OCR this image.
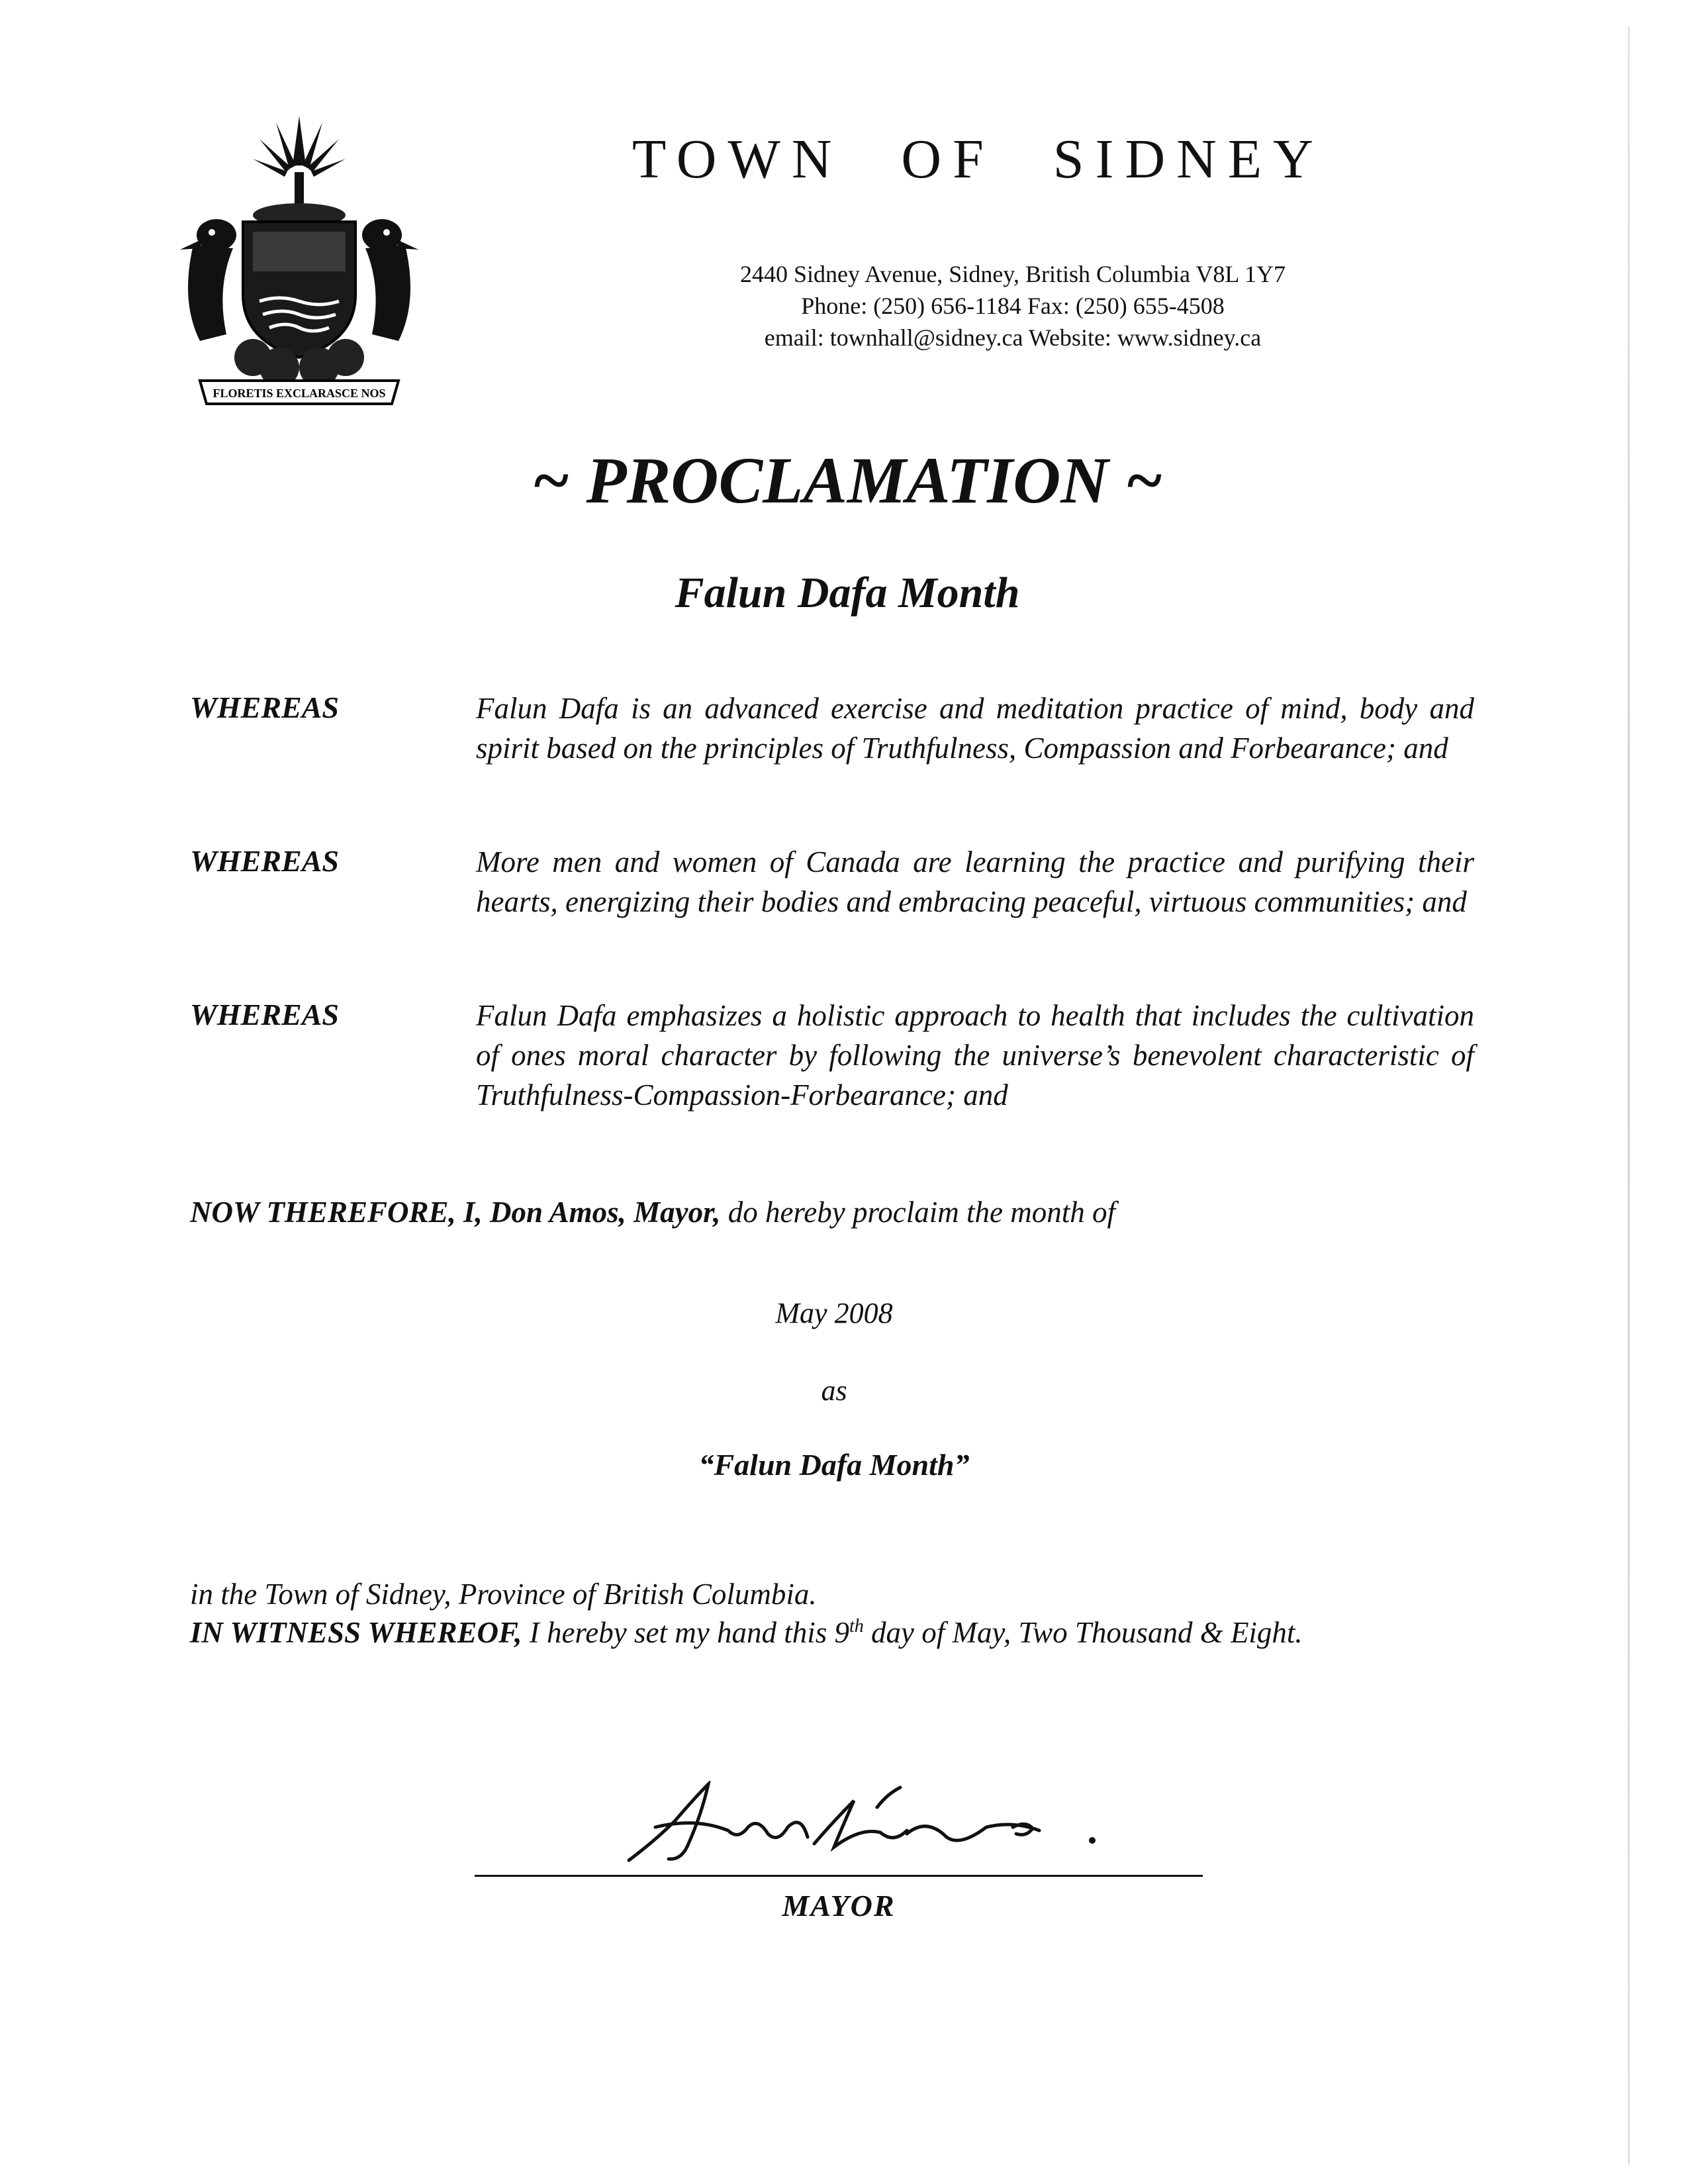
FLORETIS EXCLARASCE NOS
TOWN OF SIDNEY
2440 Sidney Avenue, Sidney, British Columbia V8L 1Y7
Phone: (250) 656-1184 Fax: (250) 655-4508
email: townhall@sidney.ca Website: www.sidney.ca
~ PROCLAMATION ~
Falun Dafa Month
WHEREAS	Falun Dafa is an advanced exercise and meditation practice of mind, body and spirit based on the principles of Truthfulness, Compassion and Forbearance; and
WHEREAS	More men and women of Canada are learning the practice and purifying their hearts, energizing their bodies and embracing peaceful, virtuous communities; and
WHEREAS	Falun Dafa emphasizes a holistic approach to health that includes the cultivation of ones moral character by following the universe’s benevolent characteristic of Truthfulness-Compassion-Forbearance; and
NOW THEREFORE, I, Don Amos, Mayor, do hereby proclaim the month of
May 2008
as
“Falun Dafa Month”
in the Town of Sidney, Province of British Columbia.
IN WITNESS WHEREOF, I hereby set my hand this 9th day of May, Two Thousand & Eight.
MAYOR
